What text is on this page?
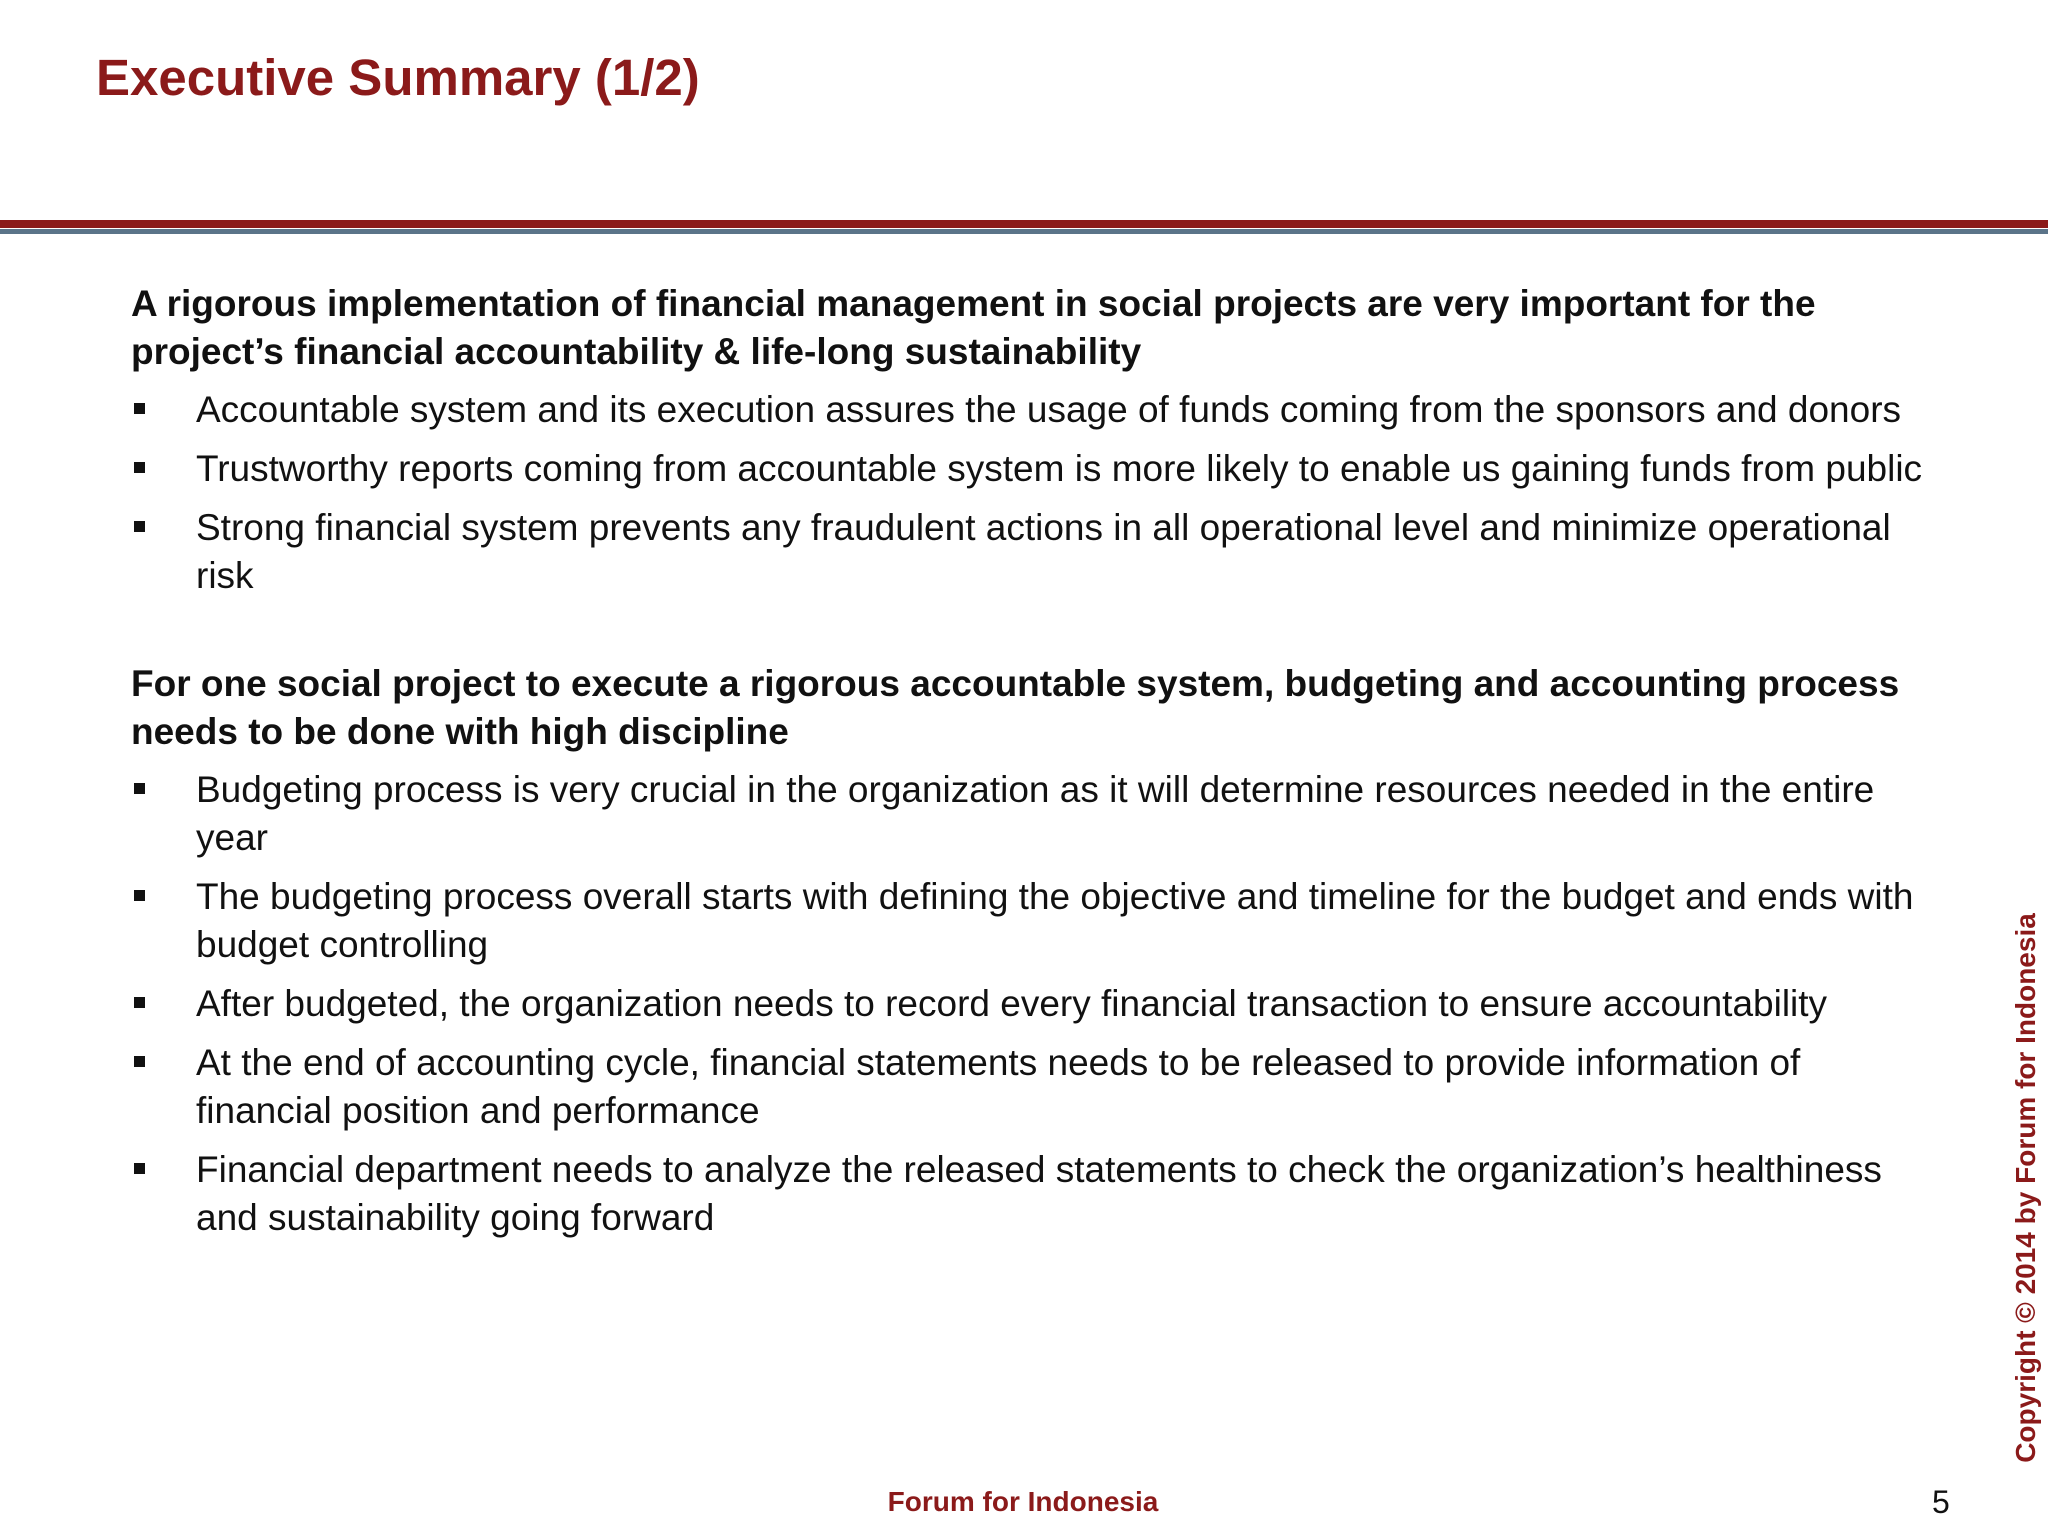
Executive Summary (1/2)

A rigorous implementation of financial management in social projects are very important for the project’s financial accountability & life-long sustainability

Accountable system and its execution assures the usage of funds coming from the sponsors and donors
Trustworthy reports coming from accountable system is more likely to enable us gaining funds from public
Strong financial system prevents any fraudulent actions in all operational level and minimize operational risk

For one social project to execute a rigorous accountable system, budgeting and accounting process needs to be done with high discipline

Budgeting process is very crucial in the organization as it will determine resources needed in the entire year
The budgeting process overall starts with defining the objective and timeline for the budget and ends with budget controlling
After budgeted, the organization needs to record every financial transaction to ensure accountability
At the end of accounting cycle, financial statements needs to be released to provide information of financial position and performance
Financial department needs to analyze the released statements to check the organization’s healthiness and sustainability going forward	Copyright © 2014 by Forum for Indonesia
Forum for Indonesia	5
